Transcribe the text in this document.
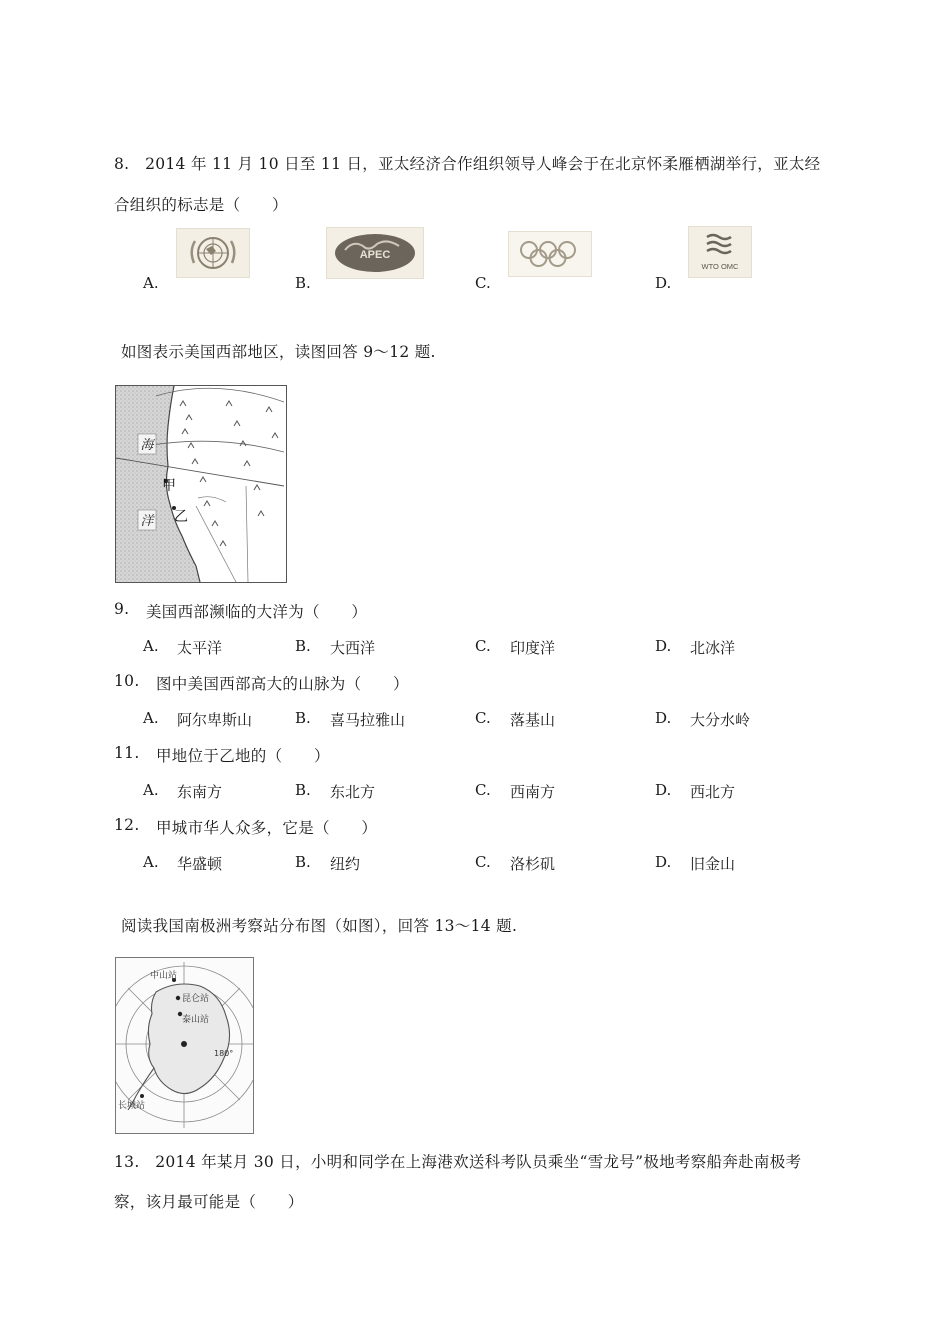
8.   2014 年 11 月 10 日至 11 日，亚太经济合作组织领导人峰会于在北京怀柔雁栖湖举行，亚太经
合组织的标志是（　　）
A.	B.
APEC
C.	D.
WTO OMC
如图表示美国西部地区，读图回答 9～12 题.
海
洋
甲
乙
9. 美国西部濒临的大洋为（　　）
A. 太平洋	B. 大西洋	C. 印度洋	D. 北冰洋
10. 图中美国西部高大的山脉为（　　）
A. 阿尔卑斯山	B. 喜马拉雅山	C. 落基山	D. 大分水岭
11. 甲地位于乙地的（　　）
A. 东南方	B. 东北方	C. 西南方	D. 西北方
12. 甲城市华人众多，它是（　　）
A. 华盛顿	B. 纽约	C. 洛杉矶	D. 旧金山
阅读我国南极洲考察站分布图（如图），回答 13～14 题.
中山站
昆仑站
泰山站
180°
长城站
13.   2014 年某月 30 日，小明和同学在上海港欢送科考队员乘坐“雪龙号”极地考察船奔赴南极考
察，该月最可能是（　　）
